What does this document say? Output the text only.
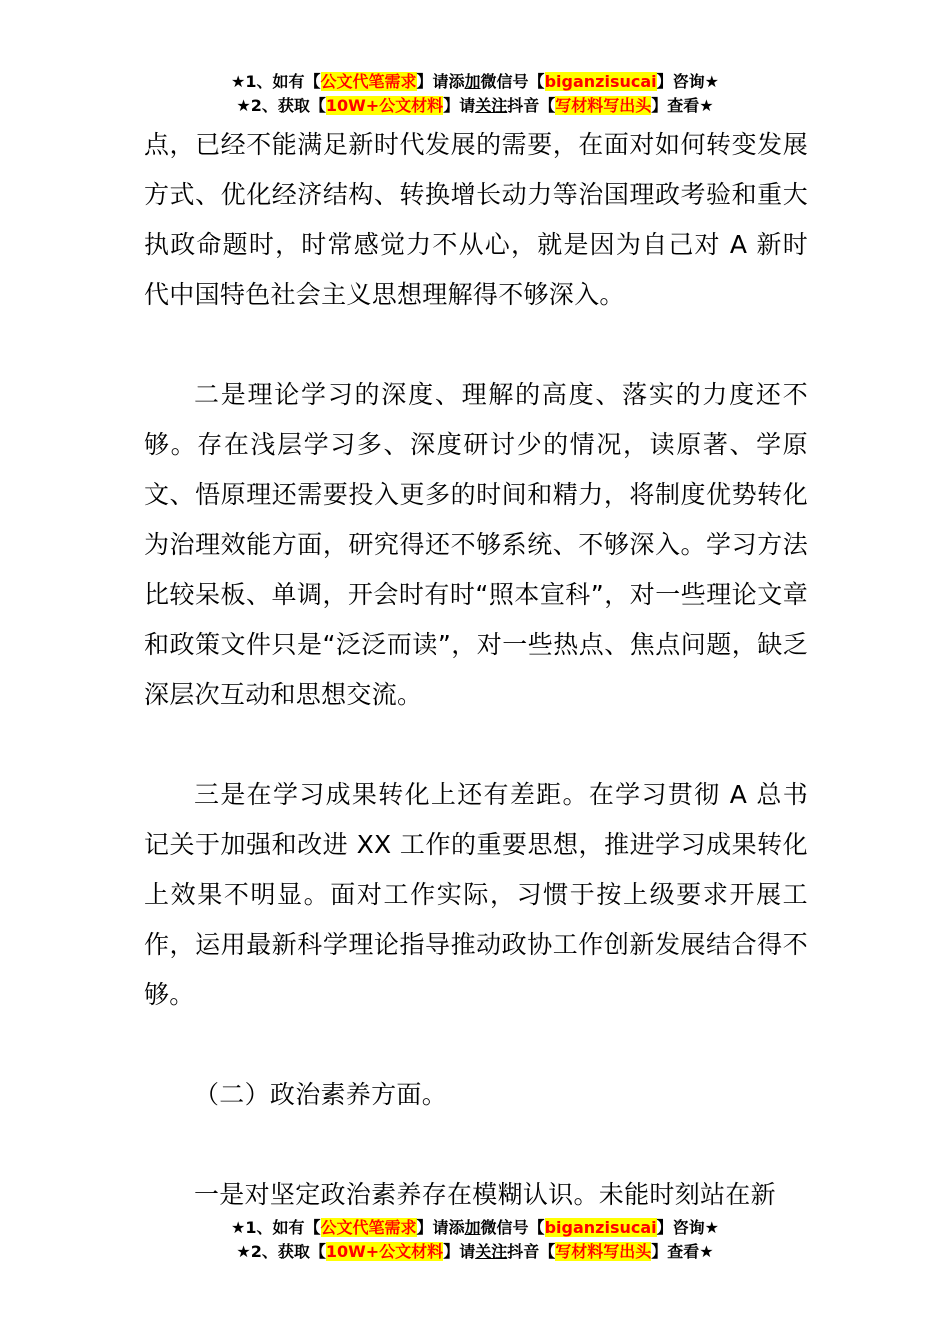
★1、如有【公文代笔需求】请添加微信号【biganzisucai】咨询★
★2、获取【10W+公文材料】请关注抖音【写材料写出头】查看★

点，已经不能满足新时代发展的需要，在面对如何转变发展方式、优化经济结构、转换增长动力等治国理政考验和重大执政命题时，时常感觉力不从心，就是因为自己对 A 新时代中国特色社会主义思想理解得不够深入。

二是理论学习的深度、理解的高度、落实的力度还不够。存在浅层学习多、深度研讨少的情况，读原著、学原文、悟原理还需要投入更多的时间和精力，将制度优势转化为治理效能方面，研究得还不够系统、不够深入。学习方法比较呆板、单调，开会时有时“照本宣科”，对一些理论文章和政策文件只是“泛泛而读”，对一些热点、焦点问题，缺乏深层次互动和思想交流。

三是在学习成果转化上还有差距。在学习贯彻 A 总书记关于加强和改进 XX 工作的重要思想，推进学习成果转化上效果不明显。面对工作实际，习惯于按上级要求开展工作，运用最新科学理论指导推动政协工作创新发展结合得不够。

（二）政治素养方面。

一是对坚定政治素养存在模糊认识。未能时刻站在新

★1、如有【公文代笔需求】请添加微信号【biganzisucai】咨询★
★2、获取【10W+公文材料】请关注抖音【写材料写出头】查看★
